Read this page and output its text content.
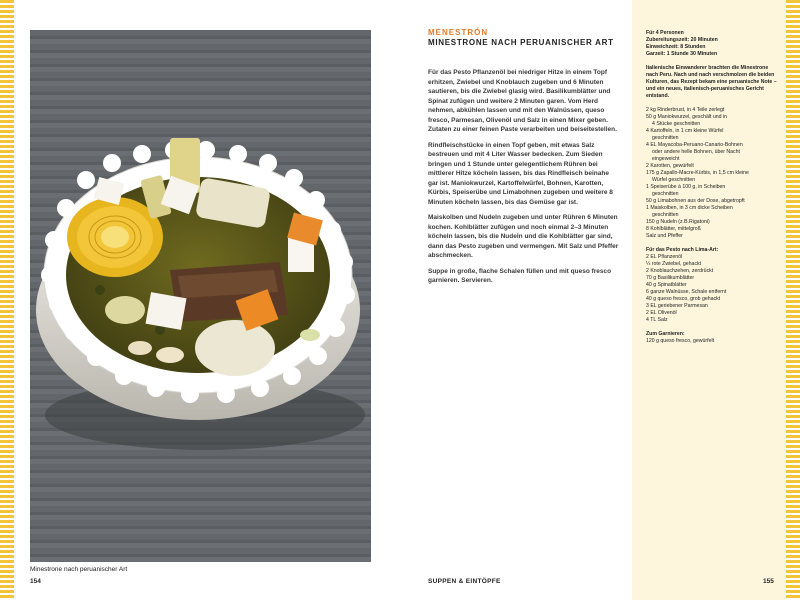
Minestrone nach peruanischer Art
MENESTRÓN
MINESTRONE NACH PERUANISCHER ART

Für das Pesto Pflanzenöl bei niedriger Hitze in einem Topf erhitzen, Zwiebel und Knoblauch zugeben und 6 Minuten sautieren, bis die Zwiebel glasig wird. Basilikumblätter und Spinat zufügen und weitere 2 Minuten garen. Vom Herd nehmen, abkühlen lassen und mit den Walnüssen, queso fresco, Parmesan, Olivenöl und Salz in einen Mixer geben. Zutaten zu einer feinen Paste verarbeiten und beiseitestellen.

Rindfleischstücke in einen Topf geben, mit etwas Salz bestreuen und mit 4 Liter Wasser bedecken. Zum Sieden bringen und 1 Stunde unter gelegentlichem Rühren bei mittlerer Hitze köcheln lassen, bis das Rindfleisch beinahe gar ist. Maniokwurzel, Kartoffelwürfel, Bohnen, Karotten, Kürbis, Speiserübe und Limabohnen zugeben und weitere 8 Minuten köcheln lassen, bis das Gemüse gar ist.

Maiskolben und Nudeln zugeben und unter Rühren 6 Minuten kochen. Kohlblätter zufügen und noch einmal 2–3 Minuten köcheln lassen, bis die Nudeln und die Kohlblätter gar sind, dann das Pesto zugeben und vermengen. Mit Salz und Pfeffer abschmecken.

Suppe in große, flache Schalen füllen und mit queso fresco garnieren. Servieren.

Für 4 Personen
Zubereitungszeit: 20 Minuten
Einweichzeit: 8 Stunden
Garzeit: 1 Stunde 30 Minuten
Italienische Einwanderer brachten die Minestrone nach Peru. Nach und nach verschmolzen die beiden Kulturen, das Rezept bekam eine peruanische Note – und ein neues, italienisch-peruanisches Gericht entstand.

2 kg Rinderbrust, in 4 Teile zerlegt

50 g Maniokwurzel, geschält und in

4 Stücke geschnitten

4 Kartoffeln, in 1 cm kleine Würfel

geschnitten

4 EL Mayacoba-Peruano-Canario-Bohnen

oder andere helle Bohnen, über Nacht

eingeweicht

2 Karotten, gewürfelt

175 g Zapallo-Macre-Kürbis, in 1,5 cm kleine

Würfel geschnitten

1 Speiserübe à 100 g, in Scheiben

geschnitten

50 g Limabohnen aus der Dose, abgetropft

1 Maiskolben, in 3 cm dicke Scheiben

geschnitten

150 g Nudeln (z.B.Rigatoni)

8 Kohlblätter, mittelgroß

Salz und Pfeffer

Für das Pesto nach Lima-Art:

2 EL Pflanzenöl

¼ rote Zwiebel, gehackt

2 Knoblauchzehen, zerdrückt

70 g Basilikumblätter

40 g Spinatblätter

6 ganze Walnüsse, Schale entfernt

40 g queso fresco, grob gehackt

3 EL geriebener Parmesan

2 EL Olivenöl

4 TL Salz

Zum Garnieren:

120 g queso fresco, gewürfelt

154	SUPPEN & EINTÖPFE	155
